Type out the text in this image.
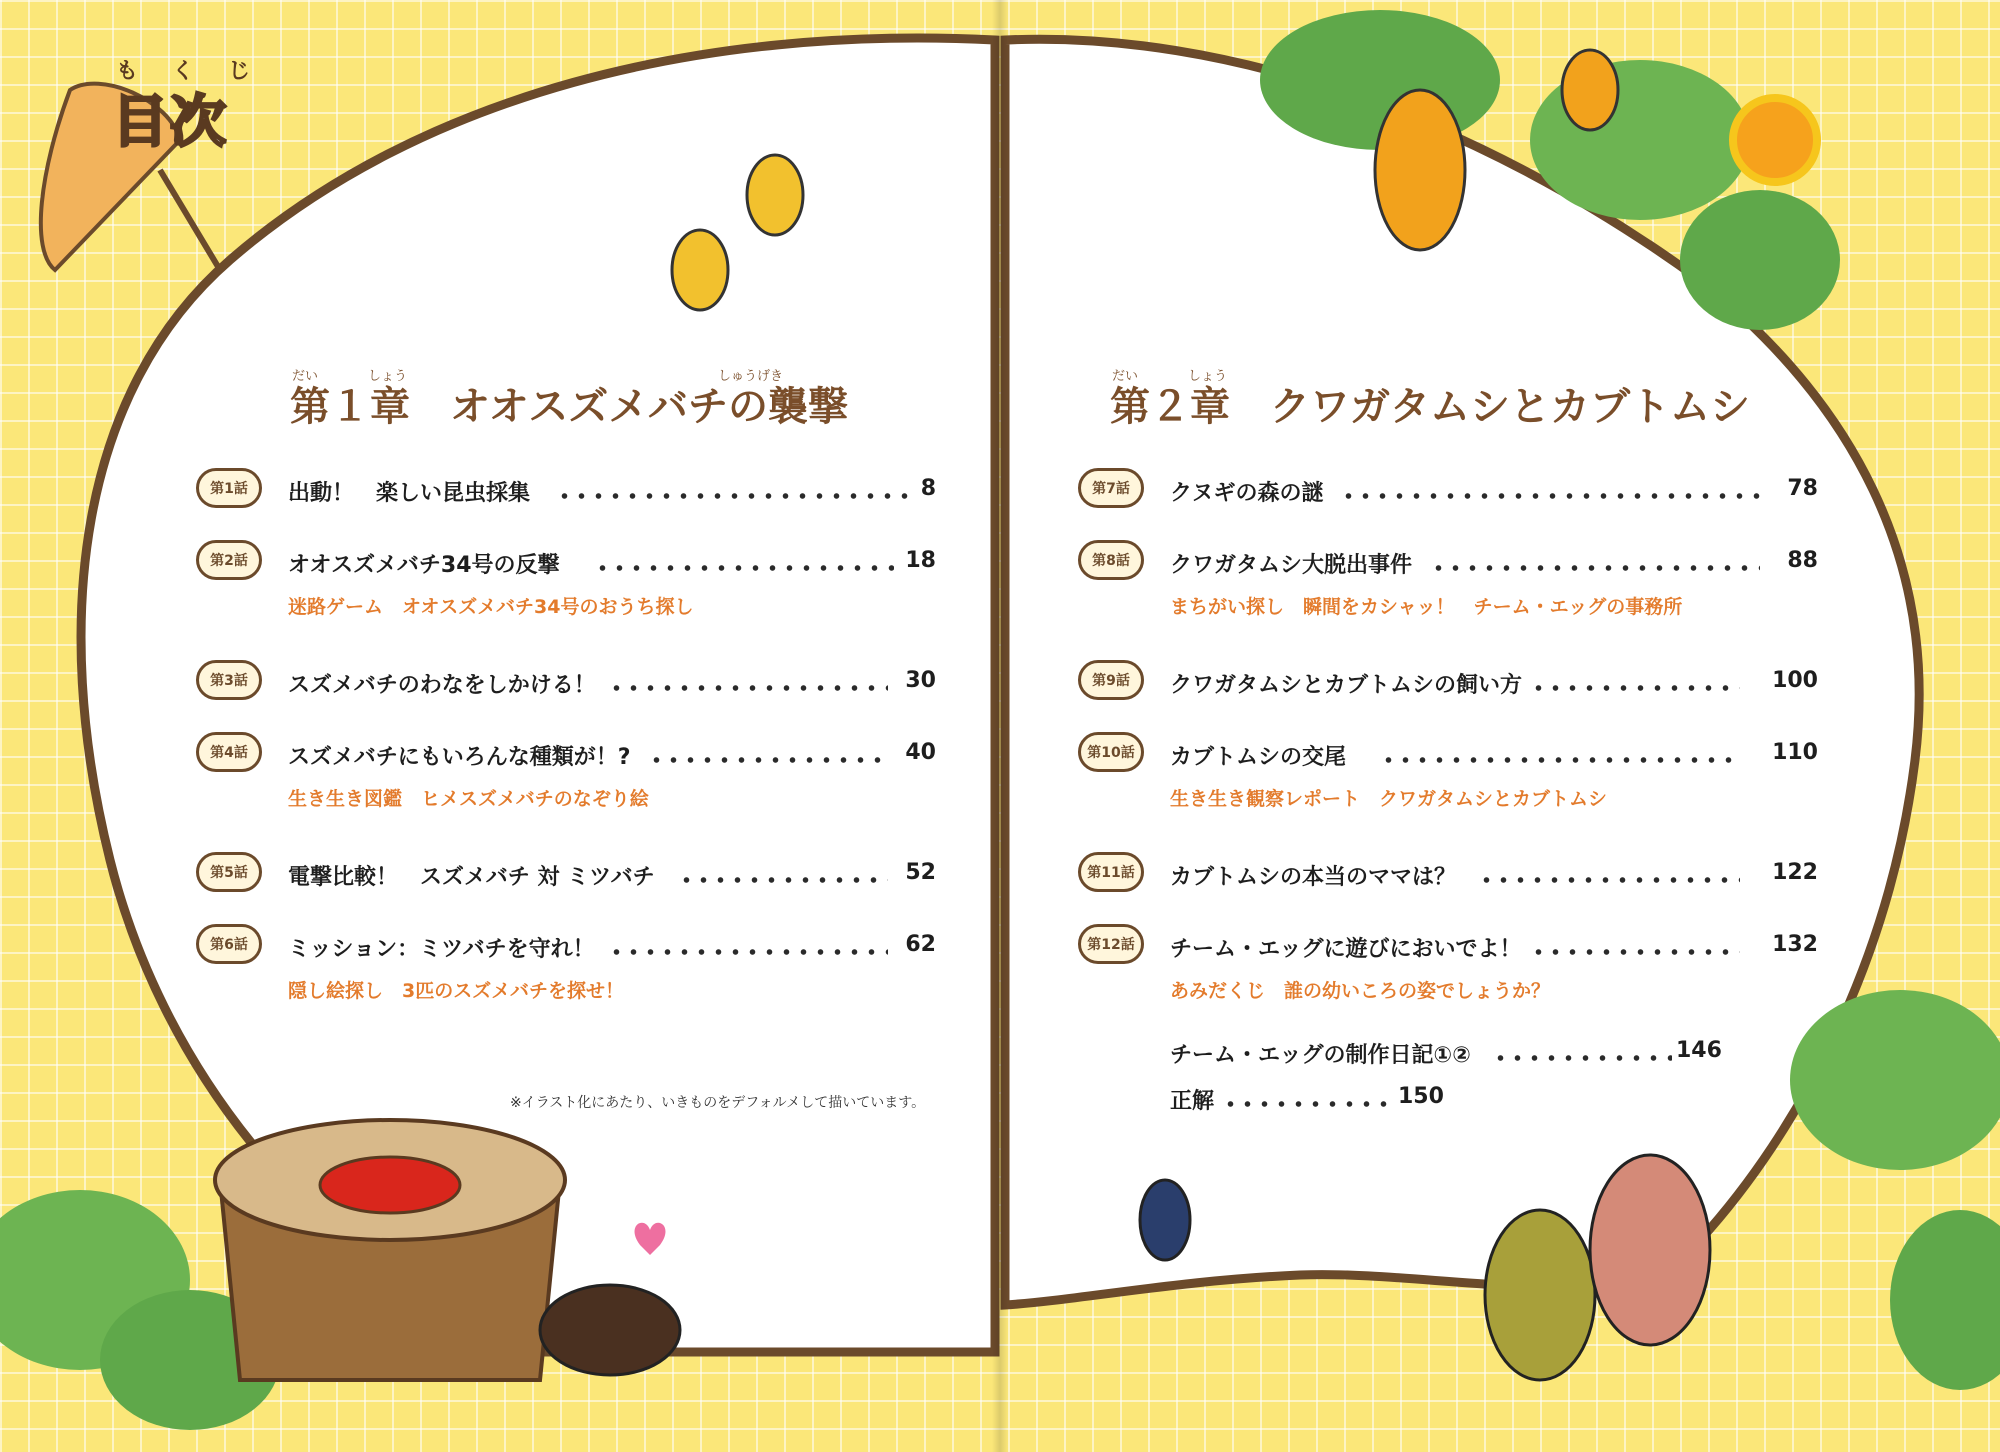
もくじ
目次
だい	しょう	しゅうげき
第１章　オオスズメバチの襲撃
第1話	出動！　楽しい昆虫採集	8
第2話	オオスズメバチ34号の反撃	18
迷路ゲーム　オオスズメバチ34号のおうち探し
第3話	スズメバチのわなをしかける！	30
第4話	スズメバチにもいろんな種類が！?	40
生き生き図鑑　ヒメスズメバチのなぞり絵
第5話	電撃比較！　スズメバチ 対 ミツバチ	52
第6話	ミッション：ミツバチを守れ！	62
隠し絵探し　3匹のスズメバチを探せ！
※イラスト化にあたり、いきものをデフォルメして描いています。
だい	しょう
第２章　クワガタムシとカブトムシ
第7話	クヌギの森の謎	78
第8話	クワガタムシ大脱出事件	88
まちがい探し　瞬間をカシャッ！　チーム・エッグの事務所
第9話	クワガタムシとカブトムシの飼い方	100
第10話	カブトムシの交尾	110
生き生き観察レポート　クワガタムシとカブトムシ
第11話	カブトムシの本当のママは？	122
第12話	チーム・エッグに遊びにおいでよ！	132
あみだくじ　誰の幼いころの姿でしょうか？
チーム・エッグの制作日記①②	146
正解	150
